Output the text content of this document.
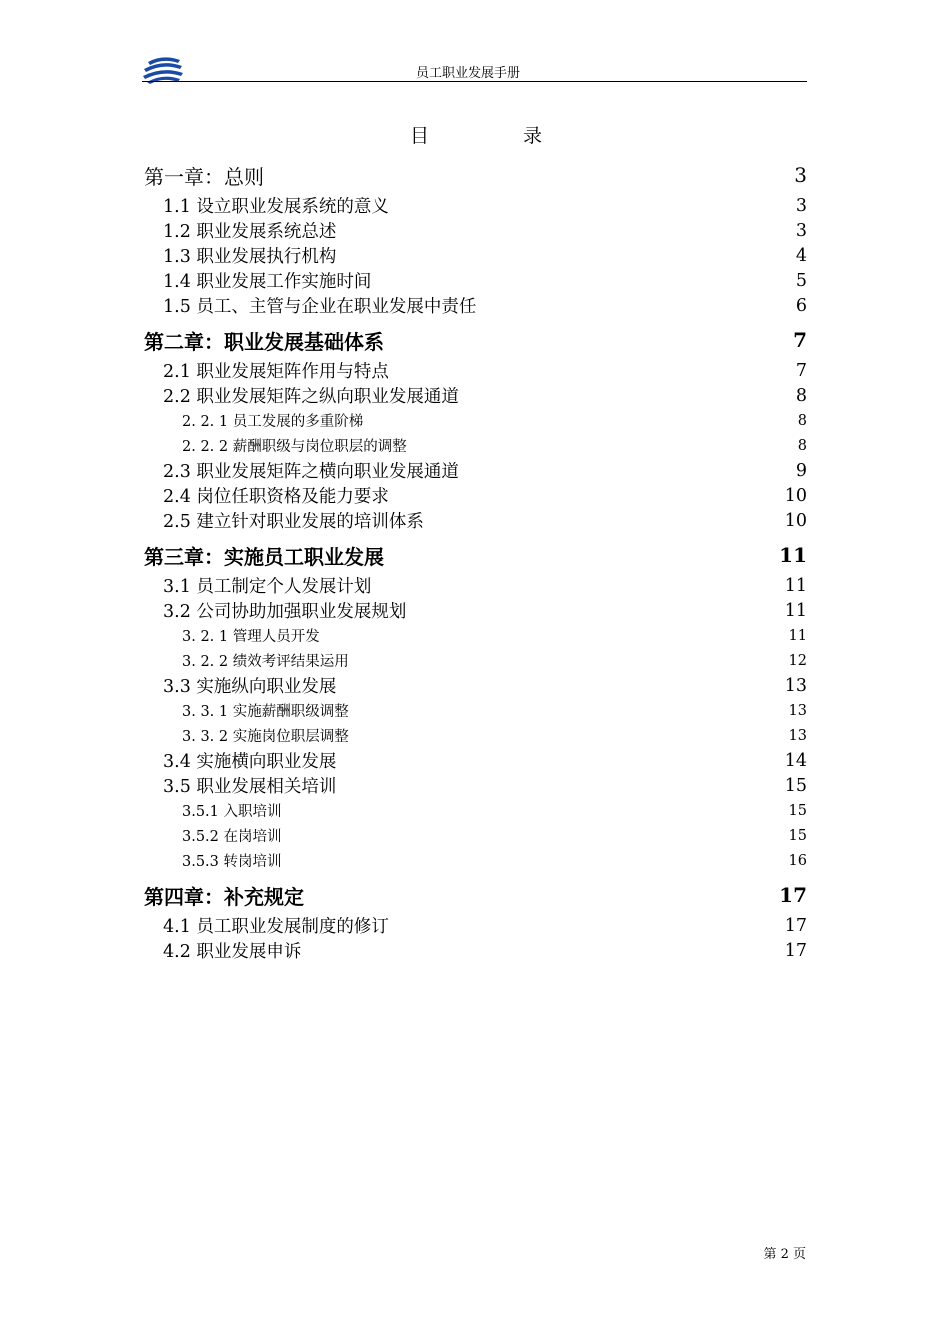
员工职业发展手册
目	录
第一章：总则	3
1.1 设立职业发展系统的意义	3
1.2 职业发展系统总述	3
1.3 职业发展执行机构	4
1.4 职业发展工作实施时间	5
1.5 员工、主管与企业在职业发展中责任	6
第二章：职业发展基础体系	7
2.1 职业发展矩阵作用与特点	7
2.2 职业发展矩阵之纵向职业发展通道	8
2. 2. 1 员工发展的多重阶梯	8
2. 2. 2 薪酬职级与岗位职层的调整	8
2.3 职业发展矩阵之横向职业发展通道	9
2.4 岗位任职资格及能力要求	10
2.5 建立针对职业发展的培训体系	10
第三章：实施员工职业发展	11
3.1 员工制定个人发展计划	11
3.2 公司协助加强职业发展规划	11
3. 2. 1 管理人员开发	11
3. 2. 2 绩效考评结果运用	12
3.3 实施纵向职业发展	13
3. 3. 1 实施薪酬职级调整	13
3. 3. 2 实施岗位职层调整	13
3.4 实施横向职业发展	14
3.5 职业发展相关培训	15
3.5.1 入职培训	15
3.5.2 在岗培训	15
3.5.3 转岗培训	16
第四章：补充规定	17
4.1 员工职业发展制度的修订	17
4.2 职业发展申诉	17
第 2 页
